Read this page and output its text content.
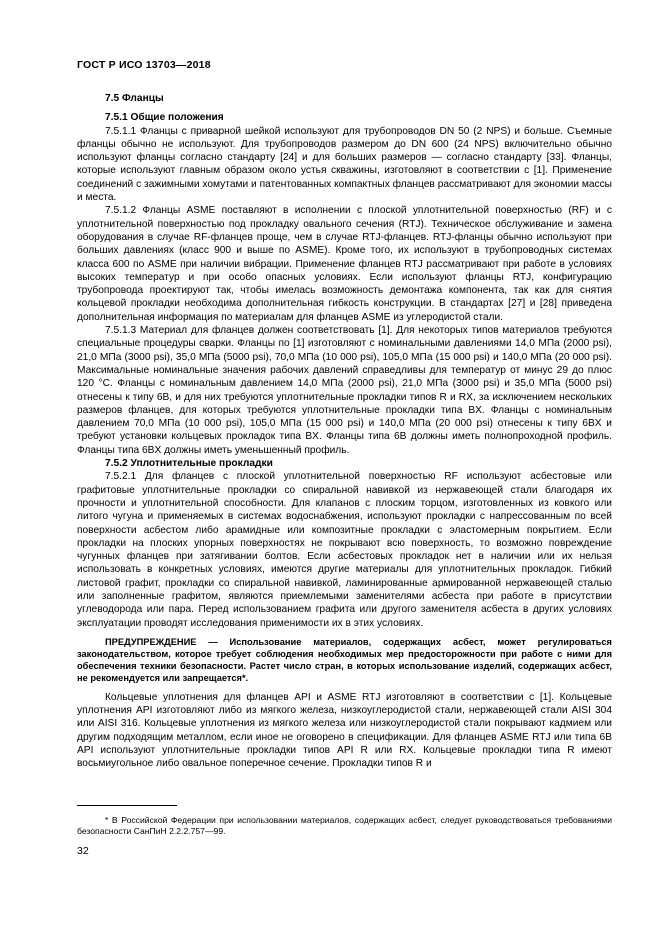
ГОСТ Р ИСО 13703—2018
7.5 Фланцы
7.5.1 Общие положения

7.5.1.1 Фланцы с приварной шейкой используют для трубопроводов DN 50 (2 NPS) и больше. Съемные фланцы обычно не используют. Для трубопроводов размером до DN 600 (24 NPS) включительно обычно используют фланцы согласно стандарту [24] и для больших размеров — согласно стандарту [33]. Фланцы, которые используют главным образом около устья скважины, изготовляют в соответствии с [1]. Применение соединений с зажимными хомутами и патентованных компактных фланцев рассматривают для экономии массы и места.

7.5.1.2 Фланцы ASME поставляют в исполнении с плоской уплотнительной поверхностью (RF) и с уплотнительной поверхностью под прокладку овального сечения (RTJ). Техническое обслуживание и замена оборудования в случае RF-фланцев проще, чем в случае RTJ-фланцев. RTJ-фланцы обычно используют при больших давлениях (класс 900 и выше по ASME). Кроме того, их используют в трубопроводных системах класса 600 по ASME при наличии вибрации. Применение фланцев RTJ рассматривают при работе в условиях высоких температур и при особо опасных условиях. Если используют фланцы RTJ, конфигурацию трубопровода проектируют так, чтобы имелась возможность демонтажа компонента, так как для снятия кольцевой прокладки необходима дополнительная гибкость конструкции. В стандартах [27] и [28] приведена дополнительная информация по материалам для фланцев ASME из углеродистой стали.

7.5.1.3 Материал для фланцев должен соответствовать [1]. Для некоторых типов материалов требуются специальные процедуры сварки. Фланцы по [1] изготовляют с номинальными давлениями 14,0 МПа (2000 psi), 21,0 МПа (3000 psi), 35,0 МПа (5000 psi), 70,0 МПа (10 000 psi), 105,0 МПа (15 000 psi) и 140,0 МПа (20 000 psi). Максимальные номинальные значения рабочих давлений справедливы для температур от минус 29 до плюс 120 °C. Фланцы с номинальным давлением 14,0 МПа (2000 psi), 21,0 МПа (3000 psi) и 35,0 МПа (5000 psi) отнесены к типу 6B, и для них требуются уплотнительные прокладки типов R и RX, за исключением нескольких размеров фланцев, для которых требуются уплотнительные прокладки типа BX. Фланцы с номинальным давлением 70,0 МПа (10 000 psi), 105,0 МПа (15 000 psi) и 140,0 МПа (20 000 psi) отнесены к типу 6BX и требуют установки кольцевых прокладок типа BX. Фланцы типа 6B должны иметь полнопроходной профиль. Фланцы типа 6BX должны иметь уменьшенный профиль.

7.5.2 Уплотнительные прокладки

7.5.2.1 Для фланцев с плоской уплотнительной поверхностью RF используют асбестовые или графитовые уплотнительные прокладки со спиральной навивкой из нержавеющей стали благодаря их прочности и уплотнительной способности. Для клапанов с плоским торцом, изготовленных из ковкого или литого чугуна и применяемых в системах водоснабжения, используют прокладки с напрессованным по всей поверхности асбестом либо арамидные или композитные прокладки с эластомерным покрытием. Если прокладки на плоских упорных поверхностях не покрывают всю поверхность, то возможно повреждение чугунных фланцев при затягивании болтов. Если асбестовых прокладок нет в наличии или их нельзя использовать в конкретных условиях, имеются другие материалы для уплотнительных прокладок. Гибкий листовой графит, прокладки со спиральной навивкой, ламинированные армированной нержавеющей сталью или заполненные графитом, являются приемлемыми заменителями асбеста при работе в присутствии углеводорода или пара. Перед использованием графита или другого заменителя асбеста в других условиях эксплуатации проводят исследования применимости их в этих условиях.

ПРЕДУПРЕЖДЕНИЕ — Использование материалов, содержащих асбест, может регулироваться законодательством, которое требует соблюдения необходимых мер предосторожности при работе с ними для обеспечения техники безопасности. Растет число стран, в которых использование изделий, содержащих асбест, не рекомендуется или запрещается*.

Кольцевые уплотнения для фланцев API и ASME RTJ изготовляют в соответствии с [1]. Кольцевые уплотнения API изготовляют либо из мягкого железа, низкоуглеродистой стали, нержавеющей стали AISI 304 или AISI 316. Кольцевые уплотнения из мягкого железа или низкоуглеродистой стали покрывают кадмием или другим подходящим металлом, если иное не оговорено в спецификации. Для фланцев ASME RTJ или типа 6B API используют уплотнительные прокладки типов API R или RX. Кольцевые прокладки типа R имеют восьмиугольное либо овальное поперечное сечение. Прокладки типов R и

* В Российской Федерации при использовании материалов, содержащих асбест, следует руководствоваться требованиями безопасности СанПиН 2.2.2.757—99.
32
